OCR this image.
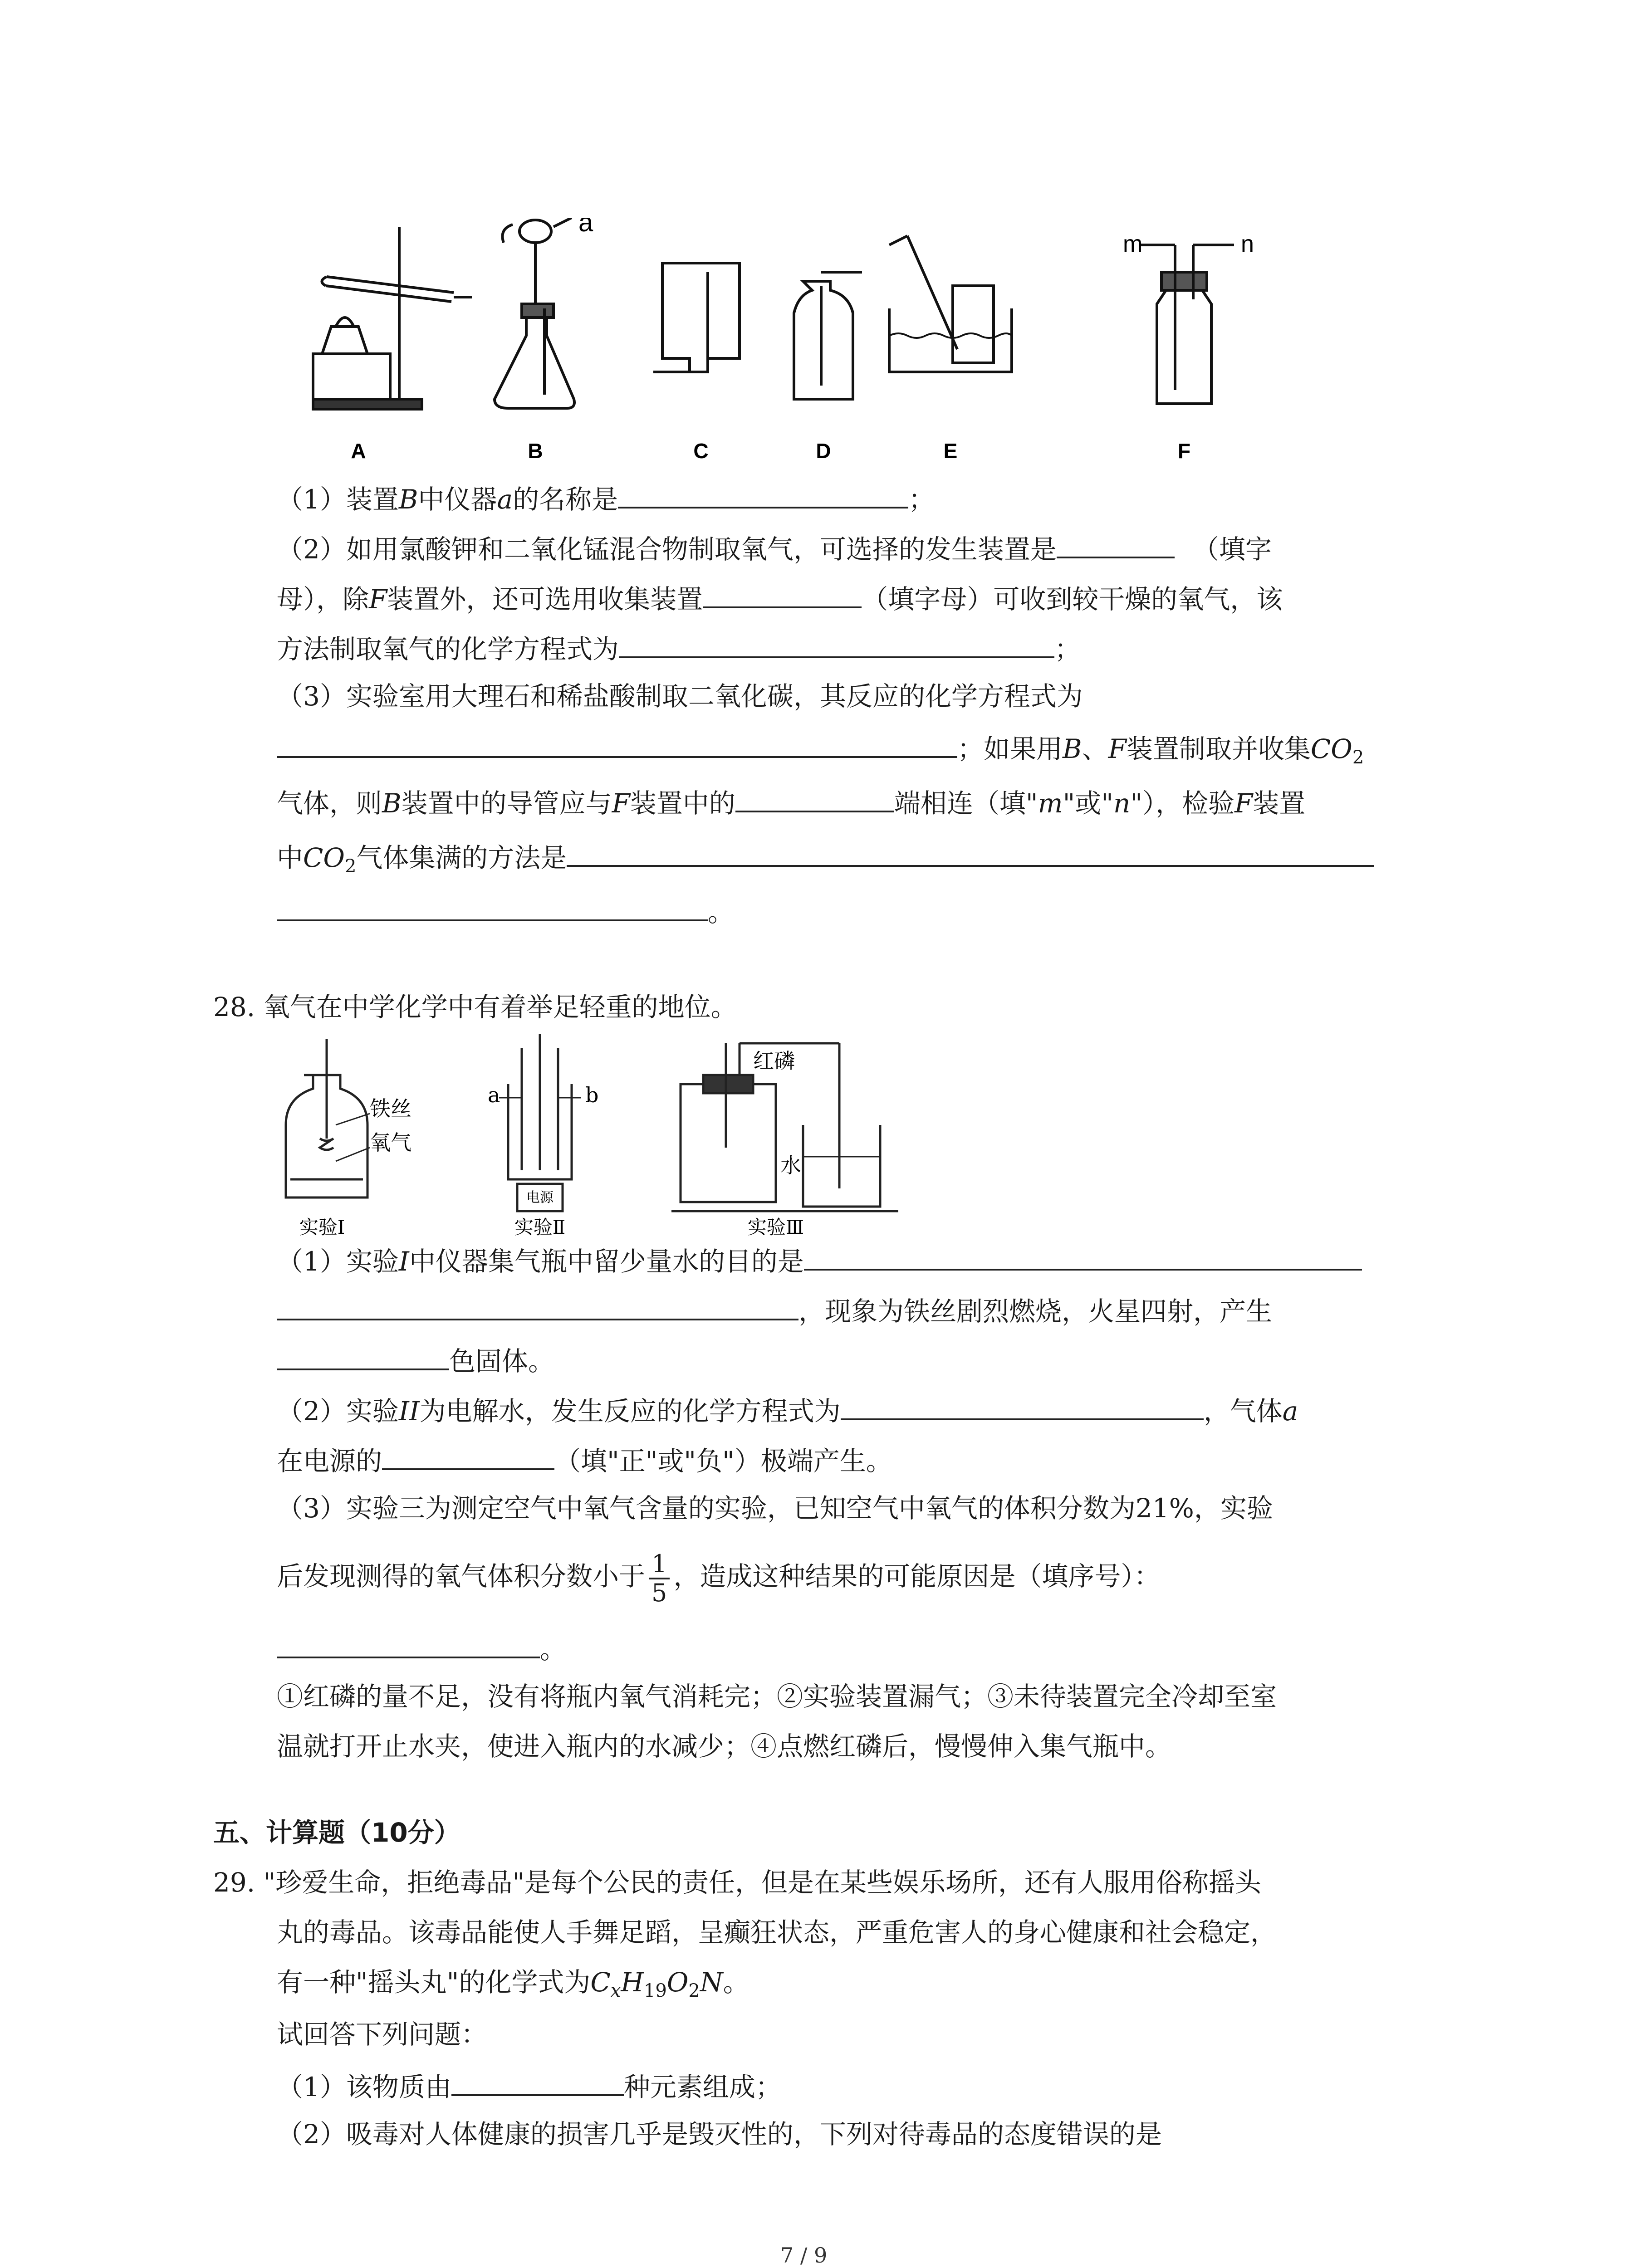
A	B	C	D	E	F
a
m	n
（1）装置B中仪器a的名称是	；
（2）如用氯酸钾和二氧化锰混合物制取氧气，可选择的发生装置是	（填字
母），除F装置外，还可选用收集装置	（填字母）可收到较干燥的氧气，该
方法制取氧气的化学方程式为	；
（3）实验室用大理石和稀盐酸制取二氧化碳，其反应的化学方程式为
；如果用B、F装置制取并收集$CO_2$
气体，则B装置中的导管应与F装置中的	端相连（填"m"或"n"），检验F装置
中$CO_2$气体集满的方法是
。
28. 氧气在中学化学中有着举足轻重的地位。
铁丝
氧气
a	b
电源
红磷
水
实验Ⅰ	实验Ⅱ	实验Ⅲ
（1）实验I中仪器集气瓶中留少量水的目的是
，现象为铁丝剧烈燃烧，火星四射，产生
色固体。
（2）实验II为电解水，发生反应的化学方程式为	，气体a
在电源的	（填"正"或"负"）极端产生。
（3）实验三为测定空气中氧气含量的实验，已知空气中氧气的体积分数为21%，实验
后发现测得的氧气体积分数小于 $\frac{1}{5}$ ，造成这种结果的可能原因是（填序号）：
。
①红磷的量不足，没有将瓶内氧气消耗完；②实验装置漏气；③未待装置完全冷却至室
温就打开止水夹，使进入瓶内的水减少；④点燃红磷后，慢慢伸入集气瓶中。
五、计算题（10分）
29. "珍爱生命，拒绝毒品"是每个公民的责任，但是在某些娱乐场所，还有人服用俗称摇头
丸的毒品。该毒品能使人手舞足蹈，呈癫狂状态，严重危害人的身心健康和社会稳定，
有一种"摇头丸"的化学式为$C_xH_{19}O_2N$。
试回答下列问题：
（1）该物质由	种元素组成；
（2）吸毒对人体健康的损害几乎是毁灭性的，下列对待毒品的态度错误的是
7 / 9
